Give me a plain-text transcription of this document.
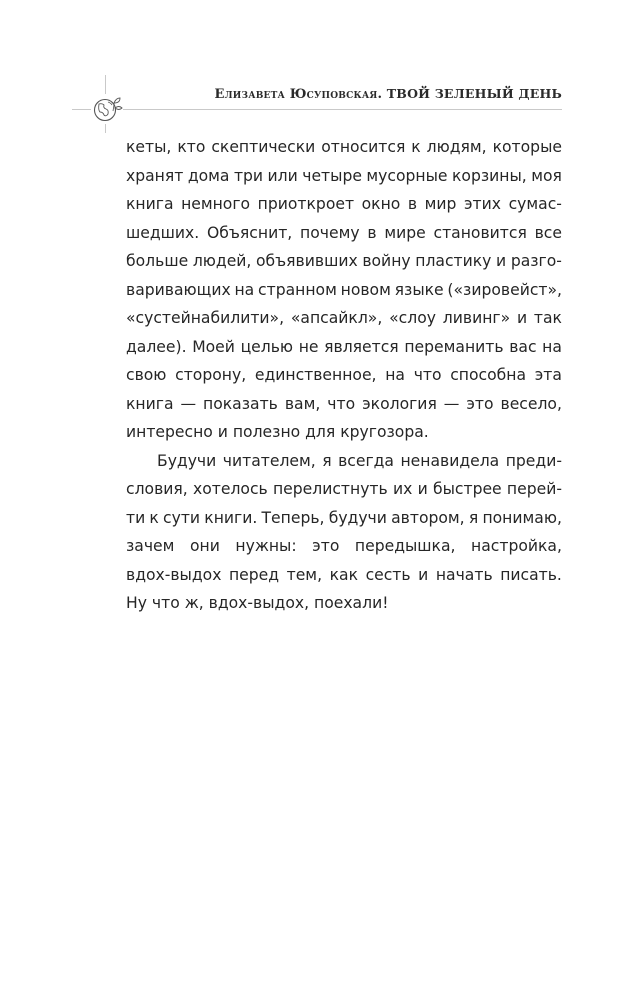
Елизавета Юсуповская. ТВОЙ ЗЕЛЕНЫЙ ДЕНЬ
кеты, кто скептически относится к людям, которые
хранят дома три или четыре мусорные корзины, моя
книга немного приоткроет окно в мир этих сумас-
шедших. Объяснит, почему в мире становится все
больше людей, объявивших войну пластику и разго-
варивающих на странном новом языке («зировейст»,
«сустейнабилити», «апсайкл», «слоу ливинг» и так
далее). Моей целью не является переманить вас на
свою сторону, единственное, на что способна эта
книга — показать вам, что экология — это весело,
интересно и полезно для кругозора.
Будучи читателем, я всегда ненавидела преди-
словия, хотелось перелистнуть их и быстрее перей-
ти к сути книги. Теперь, будучи автором, я понимаю,
зачем они нужны: это передышка, настройка,
вдох-выдох перед тем, как сесть и начать писать.
Ну что ж, вдох-выдох, поехали!
